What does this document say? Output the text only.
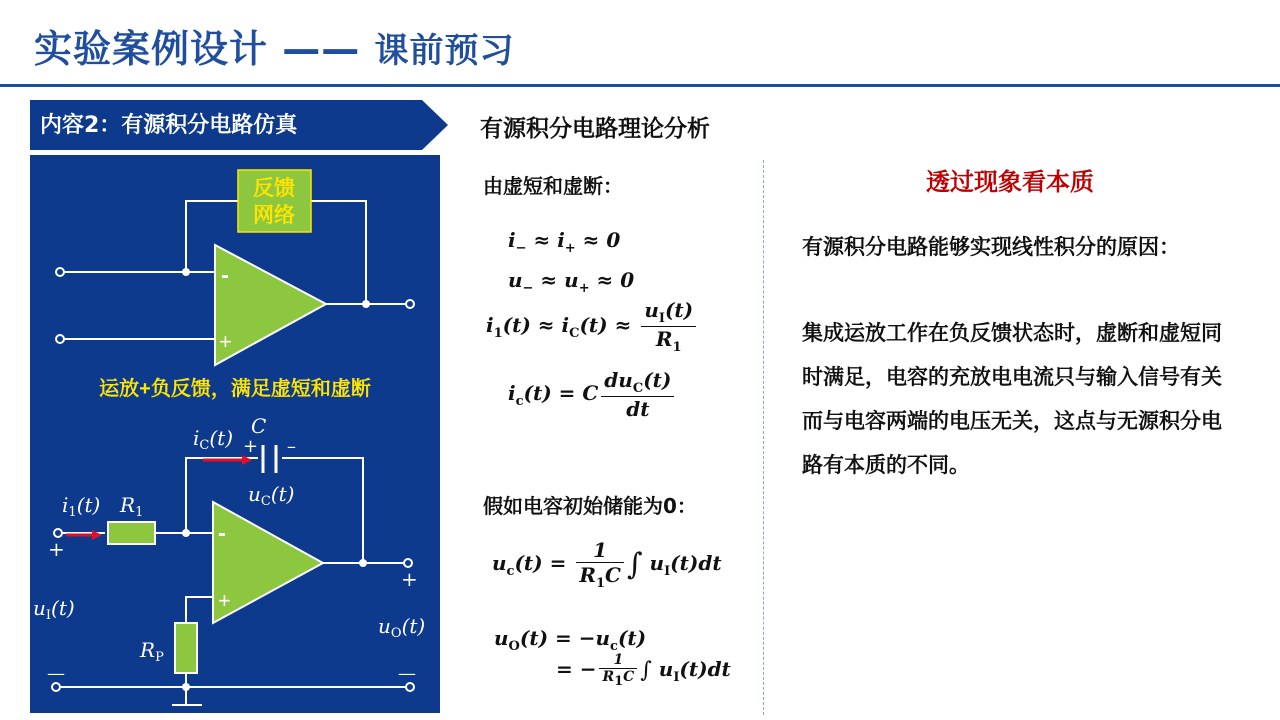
实验案例设计 —— 课前预习
内容2：有源积分电路仿真
反馈
网络
-
+
运放+负反馈，满足虚短和虚断
-
+
$i_C(t)$ C
+ –
$u_C(t)$
$i_1(t)$ $R_1$
$R_P$
$u_I(t)$
$u_O(t)$
+
—
+
—
有源积分电路理论分析
由虚短和虚断：
$i_- \approx i_+ \approx 0$
$u_- \approx u_+ \approx 0$
$i_1(t) \approx i_C(t) \approx \frac{u_I(t)}{R_1}$
$i_c(t) = C \frac{du_C(t)}{dt}$
假如电容初始储能为0：
$u_c(t) = \frac{1}{R_1C}$ ∫ $u_I(t)dt$
$u_O(t) = -u_c(t)$
= − $\frac{1}{R_1C}$ ∫ $u_I(t)dt$
透过现象看本质
有源积分电路能够实现线性积分的原因：
集成运放工作在负反馈状态时，虚断和虚短同时满足，电容的充放电电流只与输入信号有关而与电容两端的电压无关，这点与无源积分电路有本质的不同。
